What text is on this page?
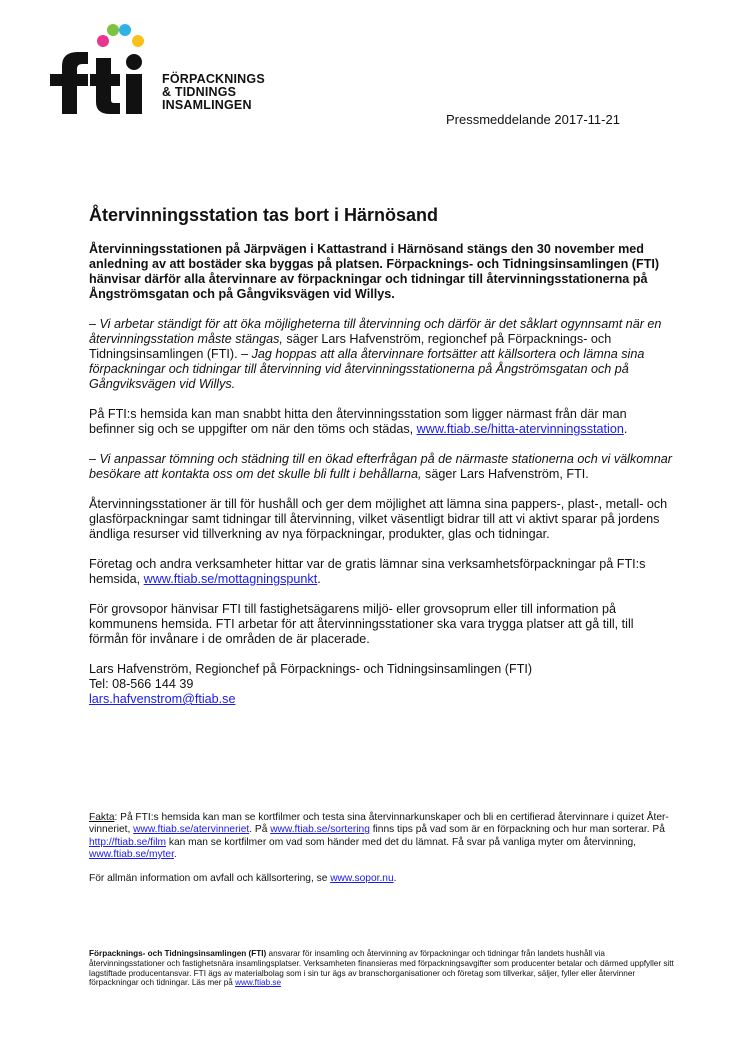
FÖRPACKNINGS
& TIDNINGS
INSAMLINGEN
Pressmeddelande 2017-11-21
Återvinningsstation tas bort i Härnösand

Återvinningsstationen på Järpvägen i Kattastrand i Härnösand stängs den 30 november med anledning av att bostäder ska byggas på platsen. Förpacknings- och Tidningsinsamlingen (FTI) hänvisar därför alla återvinnare av förpackningar och tidningar till återvinningsstationerna på Ångströmsgatan och på Gångviksvägen vid Willys.

– Vi arbetar ständigt för att öka möjligheterna till återvinning och därför är det såklart ogynnsamt när en återvinningsstation måste stängas, säger Lars Hafvenström, regionchef på Förpacknings- och Tidningsinsamlingen (FTI). – Jag hoppas att alla återvinnare fortsätter att källsortera och lämna sina förpackningar och tidningar till återvinning vid återvinningsstationerna på Ångströmsgatan och på Gångviksvägen vid Willys.

På FTI:s hemsida kan man snabbt hitta den återvinningsstation som ligger närmast från där man befinner sig och se uppgifter om när den töms och städas, www.ftiab.se/hitta-atervinningsstation.

– Vi anpassar tömning och städning till en ökad efterfrågan på de närmaste stationerna och vi välkomnar besökare att kontakta oss om det skulle bli fullt i behållarna, säger Lars Hafvenström, FTI.

Återvinningsstationer är till för hushåll och ger dem möjlighet att lämna sina pappers-, plast-, metall- och glasförpackningar samt tidningar till återvinning, vilket väsentligt bidrar till att vi aktivt sparar på jordens ändliga resurser vid tillverkning av nya förpackningar, produkter, glas och tidningar.

Företag och andra verksamheter hittar var de gratis lämnar sina verksamhetsförpackningar på FTI:s hemsida, www.ftiab.se/mottagningspunkt.

För grovsopor hänvisar FTI till fastighetsägarens miljö- eller grovsoprum eller till information på kommunens hemsida. FTI arbetar för att återvinningsstationer ska vara trygga platser att gå till, till förmån för invånare i de områden de är placerade.

Lars Hafvenström, Regionchef på Förpacknings- och Tidningsinsamlingen (FTI)
Tel: 08-566 144 39
lars.hafvenstrom@ftiab.se

Fakta: På FTI:s hemsida kan man se kortfilmer och testa sina återvinnarkunskaper och bli en certifierad återvinnare i quizet Åter-vinneriet, www.ftiab.se/atervinneriet. På www.ftiab.se/sortering finns tips på vad som är en förpackning och hur man sorterar. På http://ftiab.se/film kan man se kortfilmer om vad som händer med det du lämnat. Få svar på vanliga myter om återvinning, www.ftiab.se/myter.

För allmän information om avfall och källsortering, se www.sopor.nu.

Förpacknings- och Tidningsinsamlingen (FTI) ansvarar för insamling och återvinning av förpackningar och tidningar från landets hushåll via återvinningsstationer och fastighetsnära insamlingsplatser. Verksamheten finansieras med förpackningsavgifter som producenter betalar och därmed uppfyller sitt lagstiftade producentansvar. FTI ägs av materialbolag som i sin tur ägs av branschorganisationer och företag som tillverkar, säljer, fyller eller återvinner förpackningar och tidningar. Läs mer på www.ftiab.se
